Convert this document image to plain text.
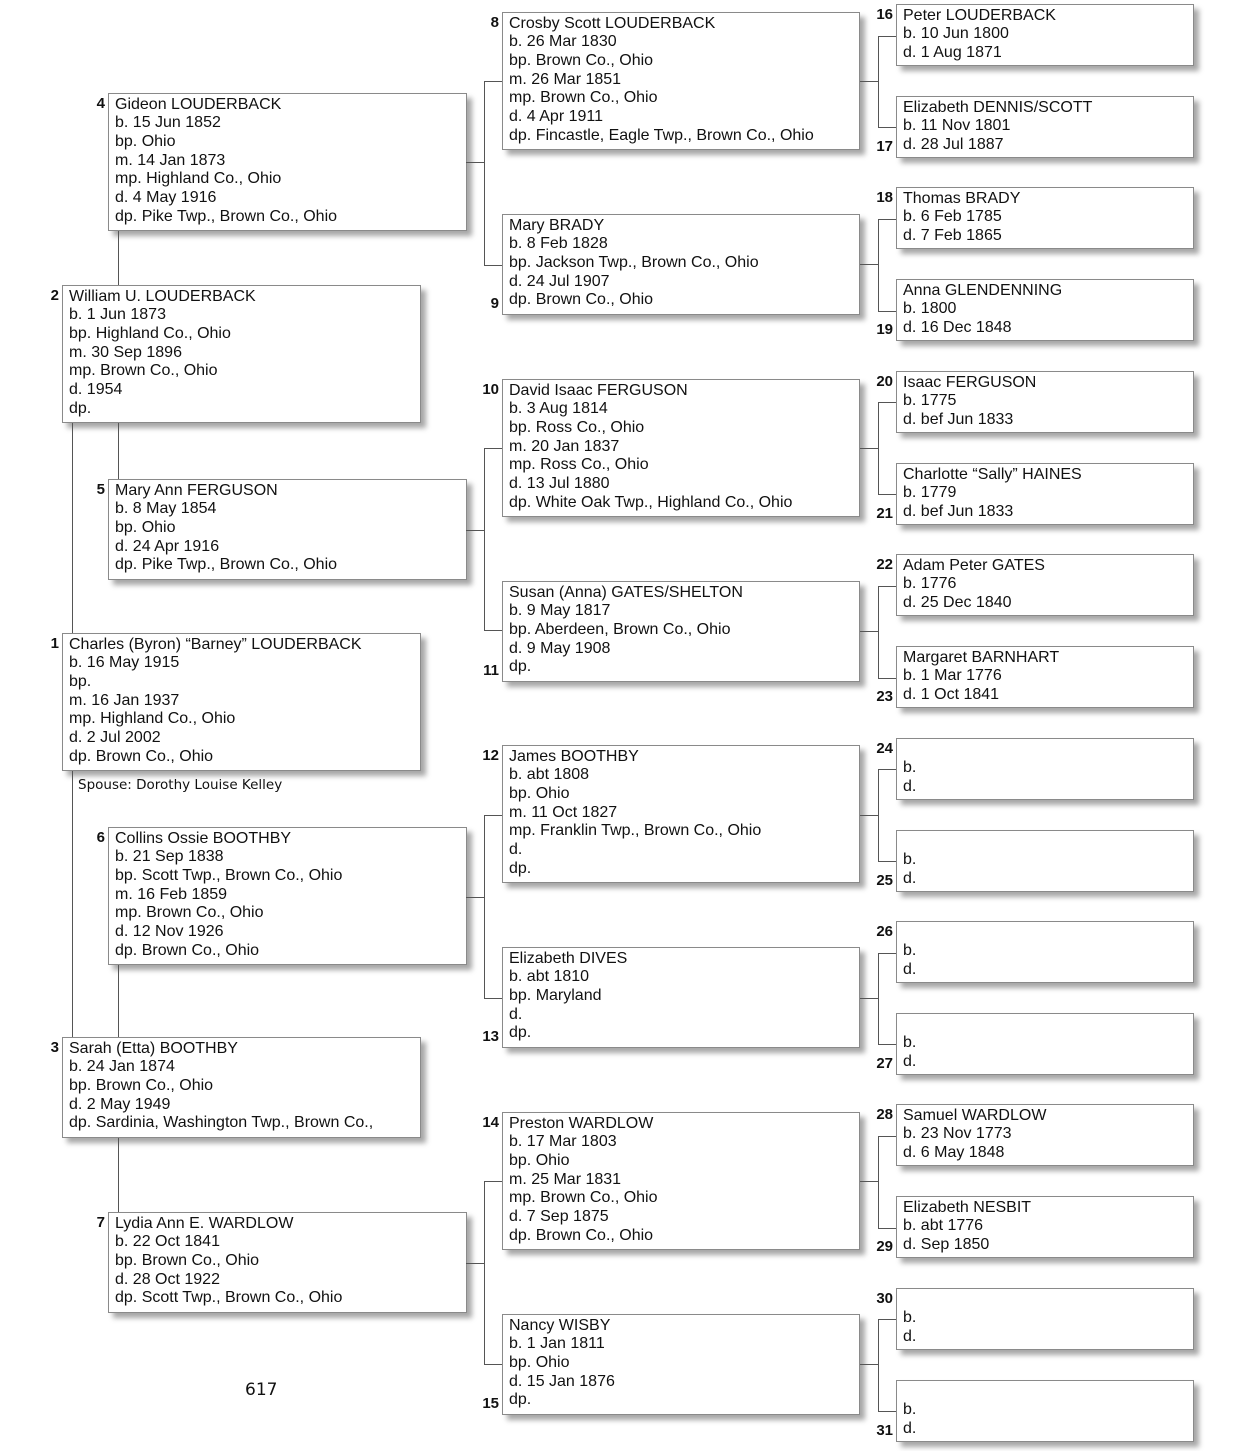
Charles (Byron) “Barney” LOUDERBACK
b. 16 May 1915
bp.
m. 16 Jan 1937
mp. Highland Co., Ohio
d. 2 Jul 2002
dp. Brown Co., Ohio
1
William U. LOUDERBACK
b. 1 Jun 1873
bp. Highland Co., Ohio
m. 30 Sep 1896
mp. Brown Co., Ohio
d. 1954
dp.
2
Sarah (Etta) BOOTHBY
b. 24 Jan 1874
bp. Brown Co., Ohio
d. 2 May 1949
dp. Sardinia, Washington Twp., Brown Co.,
3
Gideon LOUDERBACK
b. 15 Jun 1852
bp. Ohio
m. 14 Jan 1873
mp. Highland Co., Ohio
d. 4 May 1916
dp. Pike Twp., Brown Co., Ohio
4
Mary Ann FERGUSON
b. 8 May 1854
bp. Ohio
d. 24 Apr 1916
dp. Pike Twp., Brown Co., Ohio
5
Collins Ossie BOOTHBY
b. 21 Sep 1838
bp. Scott Twp., Brown Co., Ohio
m. 16 Feb 1859
mp. Brown Co., Ohio
d. 12 Nov 1926
dp. Brown Co., Ohio
6
Lydia Ann E. WARDLOW
b. 22 Oct 1841
bp. Brown Co., Ohio
d. 28 Oct 1922
dp. Scott Twp., Brown Co., Ohio
7
Crosby Scott LOUDERBACK
b. 26 Mar 1830
bp. Brown Co., Ohio
m. 26 Mar 1851
mp. Brown Co., Ohio
d. 4 Apr 1911
dp. Fincastle, Eagle Twp., Brown Co., Ohio
8
Mary BRADY
b. 8 Feb 1828
bp. Jackson Twp., Brown Co., Ohio
d. 24 Jul 1907
dp. Brown Co., Ohio
9
David Isaac FERGUSON
b. 3 Aug 1814
bp. Ross Co., Ohio
m. 20 Jan 1837
mp. Ross Co., Ohio
d. 13 Jul 1880
dp. White Oak Twp., Highland Co., Ohio
10
Susan (Anna) GATES/SHELTON
b. 9 May 1817
bp. Aberdeen, Brown Co., Ohio
d. 9 May 1908
dp.
11
James BOOTHBY
b. abt 1808
bp. Ohio
m. 11 Oct 1827
mp. Franklin Twp., Brown Co., Ohio
d.
dp.
12
Elizabeth DIVES
b. abt 1810
bp. Maryland
d.
dp.
13
Preston WARDLOW
b. 17 Mar 1803
bp. Ohio
m. 25 Mar 1831
mp. Brown Co., Ohio
d. 7 Sep 1875
dp. Brown Co., Ohio
14
Nancy WISBY
b. 1 Jan 1811
bp. Ohio
d. 15 Jan 1876
dp.
15
Peter LOUDERBACK
b. 10 Jun 1800
d. 1 Aug 1871
16
Elizabeth DENNIS/SCOTT
b. 11 Nov 1801
d. 28 Jul 1887
17
Thomas BRADY
b. 6 Feb 1785
d. 7 Feb 1865
18
Anna GLENDENNING
b. 1800
d. 16 Dec 1848
19
Isaac FERGUSON
b. 1775
d. bef Jun 1833
20
Charlotte “Sally” HAINES
b. 1779
d. bef Jun 1833
21
Adam Peter GATES
b. 1776
d. 25 Dec 1840
22
Margaret BARNHART
b. 1 Mar 1776
d. 1 Oct 1841
23

b.
d.
24

b.
d.
25

b.
d.
26

b.
d.
27
Samuel WARDLOW
b. 23 Nov 1773
d. 6 May 1848
28
Elizabeth NESBIT
b. abt 1776
d. Sep 1850
29

b.
d.
30

b.
d.
31
Spouse: Dorothy Louise Kelley
617
